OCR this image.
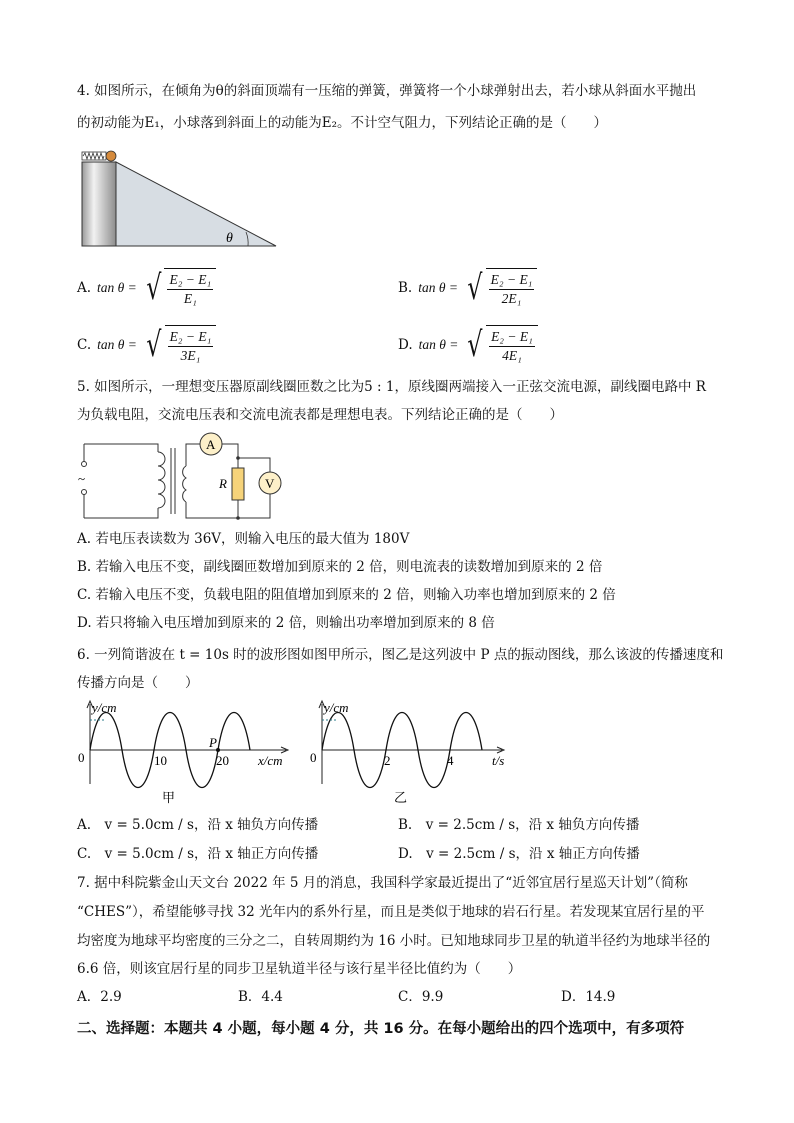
4. 如图所示，在倾角为θ的斜面顶端有一压缩的弹簧，弹簧将一个小球弹射出去，若小球从斜面水平抛出
的初动能为E₁，小球落到斜面上的动能为E₂。不计空气阻力，下列结论正确的是（　　）
θ
A. tan θ = √ $\frac{\text{E₂ − E₁}}{\text{E₁}}$	B. tan θ = √ $\frac{\text{E₂ − E₁}}{\text{2E₁}}$
C. tan θ = √ $\frac{\text{E₂ − E₁}}{\text{3E₁}}$	D. tan θ = √ $\frac{\text{E₂ − E₁}}{\text{4E₁}}$
5. 如图所示，一理想变压器原副线圈匝数之比为5 : 1，原线圈两端接入一正弦交流电源，副线圈电路中 R
为负载电阻，交流电压表和交流电流表都是理想电表。下列结论正确的是（　　）
~
A
R	V
A. 若电压表读数为 36V，则输入电压的最大值为 180V
B. 若输入电压不变，副线圈匝数增加到原来的 2 倍，则电流表的读数增加到原来的 2 倍
C. 若输入电压不变，负载电阻的阻值增加到原来的 2 倍，则输入功率也增加到原来的 2 倍
D. 若只将输入电压增加到原来的 2 倍，则输出功率增加到原来的 8 倍
6. 一列简谐波在 t = 10s 时的波形图如图甲所示，图乙是这列波中 P 点的振动图线，那么该波的传播速度和
传播方向是（　　）
y/cm
0	10	20
P
x/cm
甲
y/cm
0	2	4	t/s
乙
A.　v = 5.0cm / s，沿 x 轴负方向传播	B.　v = 2.5cm / s，沿 x 轴负方向传播
C.　v = 5.0cm / s，沿 x 轴正方向传播	D.　v = 2.5cm / s，沿 x 轴正方向传播
7. 据中科院紫金山天文台 2022 年 5 月的消息，我国科学家最近提出了“近邻宜居行星巡天计划”（简称
“CHES”），希望能够寻找 32 光年内的系外行星，而且是类似于地球的岩石行星。若发现某宜居行星的平
均密度为地球平均密度的三分之二，自转周期约为 16 小时。已知地球同步卫星的轨道半径约为地球半径的
6.6 倍，则该宜居行星的同步卫星轨道半径与该行星半径比值约为（　　）
A．2.9	B．4.4	C．9.9	D．14.9
二、选择题：本题共 4 小题，每小题 4 分，共 16 分。在每小题给出的四个选项中，有多项符
